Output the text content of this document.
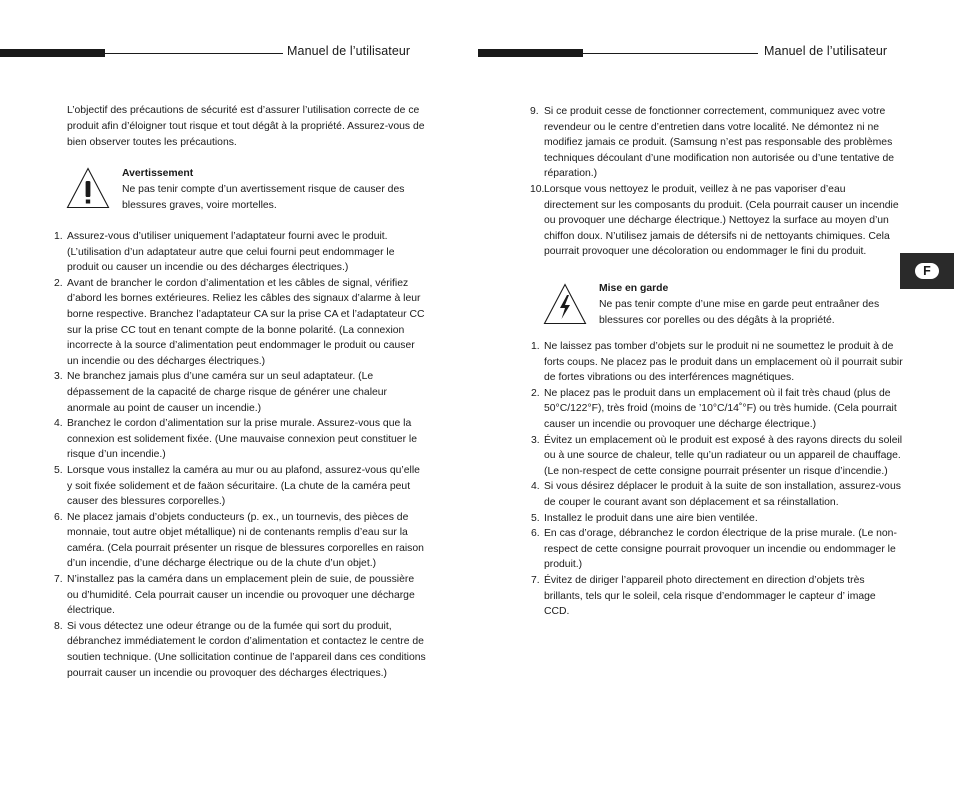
Manuel de l’utilisateur
L’objectif des précautions de sécurité est d’assurer l’utilisation correcte de ce produit afin d’éloigner tout risque et tout dégât à la propriété. Assurez-vous de bien observer toutes les précautions.
Avertissement
Ne pas tenir compte d’un avertissement risque de causer des blessures graves, voire mortelles.
1. Assurez-vous d’utiliser uniquement l’adaptateur fourni avec le produit. (L’utilisation d’un adaptateur autre que celui fourni peut endommager le produit ou causer un incendie ou des décharges électriques.)
2. Avant de brancher le cordon d’alimentation et les câbles de signal, vérifiez d’abord les bornes extérieures. Reliez les câbles des signaux d’alarme à leur borne respective. Branchez l’adaptateur CA sur la prise CA et l’adaptateur CC sur la prise CC tout en tenant compte de la bonne polarité. (La connexion incorrecte à la source d’alimentation peut endommager le produit ou causer un incendie ou des décharges électriques.)
3. Ne branchez jamais plus d’une caméra sur un seul adaptateur. (Le dépassement de la capacité de charge risque de générer une chaleur anormale au point de causer un incendie.)
4. Branchez le cordon d’alimentation sur la prise murale. Assurez-vous que la connexion est solidement fixée. (Une mauvaise connexion peut constituer le risque d’un incendie.)
5. Lorsque vous installez la caméra au mur ou au plafond, assurez-vous qu’elle y soit fixée solidement et de faäon sécuritaire. (La chute de la caméra peut causer des blessures corporelles.)
6. Ne placez jamais d’objets conducteurs (p. ex., un tournevis, des pièces de monnaie, tout autre objet métallique) ni de contenants remplis d’eau sur la caméra. (Cela pourrait présenter un risque de blessures corporelles en raison d’un incendie, d’une décharge électrique ou de la chute d’un objet.)
7. N’installez pas la caméra dans un emplacement plein de suie, de poussière ou d’humidité. Cela pourrait causer un incendie ou provoquer une décharge électrique.
8. Si vous détectez une odeur étrange ou de la fumée qui sort du produit, débranchez immédiatement le cordon d’alimentation et contactez le centre de soutien technique. (Une sollicitation continue de l’appareil dans ces conditions pourrait causer un incendie ou provoquer des décharges électriques.)
Manuel de l’utilisateur
9. Si ce produit cesse de fonctionner correctement, communiquez avec votre revendeur ou le centre d’entretien dans votre localité. Ne démontez ni ne modifiez jamais ce produit. (Samsung n’est pas responsable des problèmes techniques découlant d’une modification non autorisée ou d’une tentative de réparation.)
10. Lorsque vous nettoyez le produit, veillez à ne pas vaporiser d’eau directement sur les composants du produit. (Cela pourrait causer un incendie ou provoquer une décharge électrique.) Nettoyez la surface au moyen d’un chiffon doux. N’utilisez jamais de détersifs ni de nettoyants chimiques. Cela pourrait provoquer une décoloration ou endommager le fini du produit.
Mise en garde
Ne pas tenir compte d’une mise en garde peut entraâner des blessures cor porelles ou des dégâts à la propriété.
1. Ne laissez pas tomber d’objets sur le produit ni ne soumettez le produit à de forts coups. Ne placez pas le produit dans un emplacement où il pourrait subir de fortes vibrations ou des interférences magnétiques.
2. Ne placez pas le produit dans un emplacement où il fait très chaud (plus de 50°C/122°F), très froid (moins de ’10°C/14˚°F) ou très humide. (Cela pourrait causer un incendie ou provoquer une décharge électrique.)
3. Évitez un emplacement où le produit est exposé à des rayons directs du soleil ou à une source de chaleur, telle qu’un radiateur ou un appareil de chauffage. (Le non-respect de cette consigne pourrait présenter un risque d’incendie.)
4. Si vous désirez déplacer le produit à la suite de son installation, assurez-vous de couper le courant avant son déplacement et sa réinstallation.
5. Installez le produit dans une aire bien ventilée.
6. En cas d’orage, débranchez le cordon électrique de la prise murale. (Le non-respect de cette consigne pourrait provoquer un incendie ou endommager le produit.)
7. Évitez de diriger l’appareil photo directement en direction d’objets très brillants, tels qur le soleil, cela risque d’endommager le capteur d’ image CCD.
F
